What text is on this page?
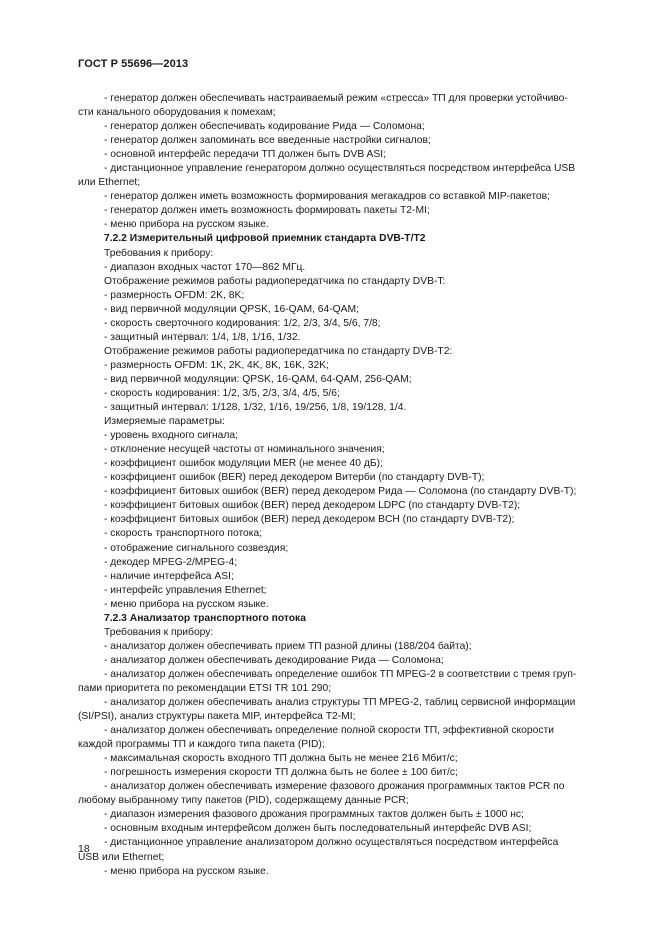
ГОСТ Р 55696—2013
- генератор должен обеспечивать настраиваемый режим «стресса» ТП для проверки устойчиво-
сти канального оборудования к помехам;
- генератор должен обеспечивать кодирование Рида — Соломона;
- генератор должен запоминать все введенные настройки сигналов;
- основной интерфейс передачи ТП должен быть DVB ASI;
- дистанционное управление генератором должно осуществляться посредством интерфейса USB
или Ethernet;
- генератор должен иметь возможность формирования мегакадров со вставкой MIP-пакетов;
- генератор должен иметь возможность формировать пакеты Т2-МI;
- меню прибора на русском языке.
7.2.2 Измерительный цифровой приемник стандарта DVB-T/T2
Требования к прибору:
- диапазон входных частот 170—862 МГц.
Отображение режимов работы радиопередатчика по стандарту DVB-T:
- размерность OFDM: 2K, 8K;
- вид первичной модуляции QPSK, 16-QAM, 64-QAM;
- скорость сверточного кодирования: 1/2, 2/3, 3/4, 5/6, 7/8;
- защитный интервал: 1/4, 1/8, 1/16, 1/32.
Отображение режимов работы радиопередатчика по стандарту DVB-T2:
- размерность OFDM: 1K, 2K, 4K, 8K, 16K, 32K;
- вид первичной модуляции: QPSK, 16-QAM, 64-QAM, 256-QAM;
- скорость кодирования: 1/2, 3/5, 2/3, 3/4, 4/5, 5/6;
- защитный интервал: 1/128, 1/32, 1/16, 19/256, 1/8, 19/128, 1/4.
Измеряемые параметры:
- уровень входного сигнала;
- отклонение несущей частоты от номинального значения;
- коэффициент ошибок модуляции MER (не менее 40 дБ);
- коэффициент ошибок (BER) перед декодером Витерби (по стандарту DVB-T);
- коэффициент битовых ошибок (BER) перед декодером Рида — Соломона (по стандарту DVB-T);
- коэффициент битовых ошибок (BER) перед декодером LDPC (по стандарту DVB-T2);
- коэффициент битовых ошибок (BER) перед декодером BCH (по стандарту DVB-T2);
- скорость транспортного потока;
- отображение сигнального созвездия;
- декодер MPEG-2/MPEG-4;
- наличие интерфейса ASI;
- интерфейс управления Ethernet;
- меню прибора на русском языке.
7.2.3 Анализатор транспортного потока
Требования к прибору:
- анализатор должен обеспечивать прием ТП разной длины (188/204 байта);
- анализатор должен обеспечивать декодирование Рида — Соломона;
- анализатор должен обеспечивать определение ошибок ТП MPEG-2 в соответствии с тремя груп-
пами приоритета по рекомендации ETSI TR 101 290;
- анализатор должен обеспечивать анализ структуры ТП MPEG-2, таблиц сервисной информации
(SI/PSI), анализ структуры пакета MIP, интерфейса Т2-МI;
- анализатор должен обеспечивать определение полной скорости ТП, эффективной скорости
каждой программы ТП и каждого типа пакета (PID);
- максимальная скорость входного ТП должна быть не менее 216 Мбит/с;
- погрешность измерения скорости ТП должна быть не более ± 100 бит/с;
- анализатор должен обеспечивать измерение фазового дрожания программных тактов PCR по
любому выбранному типу пакетов (PID), содержащему данные PCR;
- диапазон измерения фазового дрожания программных тактов должен быть ± 1000 нс;
- основным входным интерфейсом должен быть последовательный интерфейс DVB ASI;
- дистанционное управление анализатором должно осуществляться посредством интерфейса
USB или Ethernet;
- меню прибора на русском языке.
18
